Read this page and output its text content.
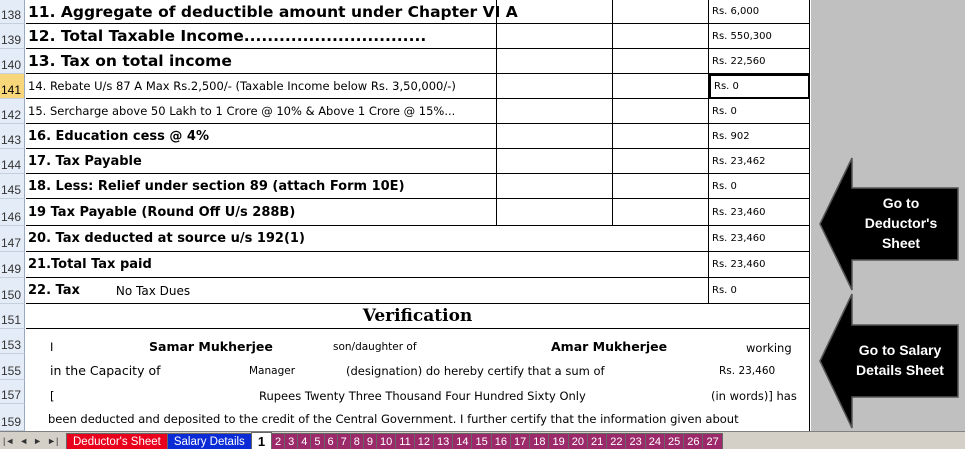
138 11. Aggregate of deductible amount under Chapter VI A	Rs. 6,000
139 12. Total Taxable Income...............................	Rs. 550,300
140 13. Tax on total income	Rs. 22,560
141 14. Rebate U/s 87 A Max Rs.2,500/- (Taxable Income below Rs. 3,50,000/-)	Rs. 0
142 15. Sercharge above 50 Lakh to 1 Crore @ 10% & Above 1 Crore @ 15%...	Rs. 0
143 16. Education cess @ 4%	Rs. 902
144 17. Tax Payable	Rs. 23,462
145 18. Less: Relief under section 89 (attach Form 10E)	Rs. 0
146 19 Tax Payable (Round Off U/s 288B)	Rs. 23,460
147 20. Tax deducted at source u/s 192(1)	Rs. 23,460
149 21.Total Tax paid	Rs. 23,460
150 22. Tax	No Tax Dues	Rs. 0
Verification
151
153
155
157
159
I	Samar Mukherjee	son/daughter of	Amar Mukherjee	working
in the Capacity of	Manager	(designation) do hereby certify that a sum of	Rs. 23,460
[	Rupees Twenty Three Thousand Four Hundred Sixty Only	(in words)] has
been deducted and deposited to the credit of the Central Government. I further certify that the information given about
Go to
Deductor's
Sheet
Go to Salary
Details Sheet
|◄ ◄ ► ►|	Deductor's Sheet	Salary Details	1 2 3 4 5 6 7 8 9 10 11 12 13 14 15 16 17 18 19 20 21 22 23 24 25 26 27
